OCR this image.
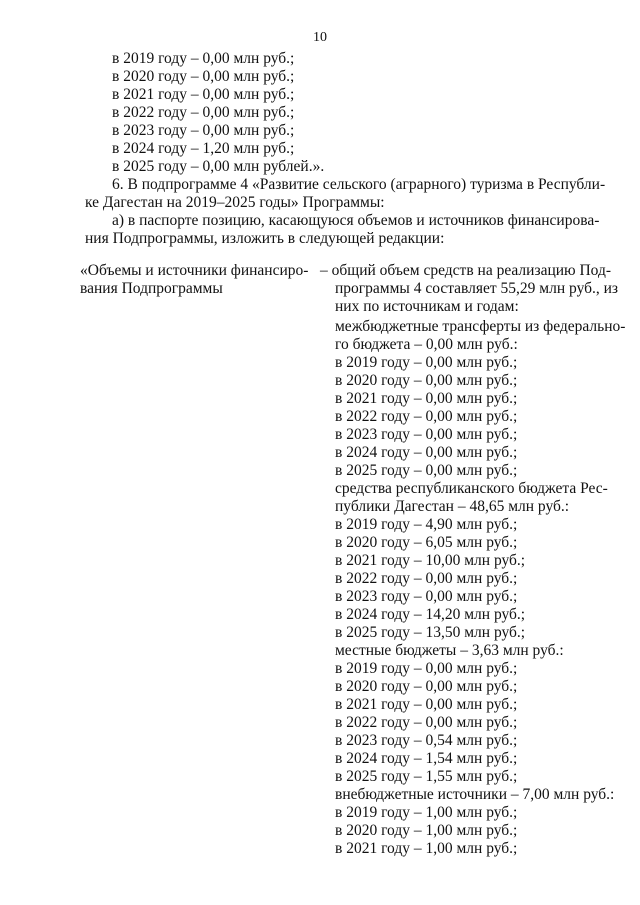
10
в 2019 году – 0,00 млн руб.;
в 2020 году – 0,00 млн руб.;
в 2021 году – 0,00 млн руб.;
в 2022 году – 0,00 млн руб.;
в 2023 году – 0,00 млн руб.;
в 2024 году – 1,20 млн руб.;
в 2025 году – 0,00 млн рублей.».
6. В подпрограмме 4 «Развитие сельского (аграрного) туризма в Республи-
ке Дагестан на 2019–2025 годы» Программы:
а) в паспорте позицию, касающуюся объемов и источников финансирова-
ния Подпрограммы, изложить в следующей редакции:
«Объемы и источники финансиро-
вания Подпрограммы
– общий объем средств на реализацию Под-
программы 4 составляет 55,29 млн руб., из
них по источникам и годам:
межбюджетные трансферты из федерально-
го бюджета – 0,00 млн руб.:
в 2019 году – 0,00 млн руб.;
в 2020 году – 0,00 млн руб.;
в 2021 году – 0,00 млн руб.;
в 2022 году – 0,00 млн руб.;
в 2023 году – 0,00 млн руб.;
в 2024 году – 0,00 млн руб.;
в 2025 году – 0,00 млн руб.;
средства республиканского бюджета Рес-
публики Дагестан – 48,65 млн руб.:
в 2019 году – 4,90 млн руб.;
в 2020 году – 6,05 млн руб.;
в 2021 году – 10,00 млн руб.;
в 2022 году – 0,00 млн руб.;
в 2023 году – 0,00 млн руб.;
в 2024 году – 14,20 млн руб.;
в 2025 году – 13,50 млн руб.;
местные бюджеты – 3,63 млн руб.:
в 2019 году – 0,00 млн руб.;
в 2020 году – 0,00 млн руб.;
в 2021 году – 0,00 млн руб.;
в 2022 году – 0,00 млн руб.;
в 2023 году – 0,54 млн руб.;
в 2024 году – 1,54 млн руб.;
в 2025 году – 1,55 млн руб.;
внебюджетные источники – 7,00 млн руб.:
в 2019 году – 1,00 млн руб.;
в 2020 году – 1,00 млн руб.;
в 2021 году – 1,00 млн руб.;
